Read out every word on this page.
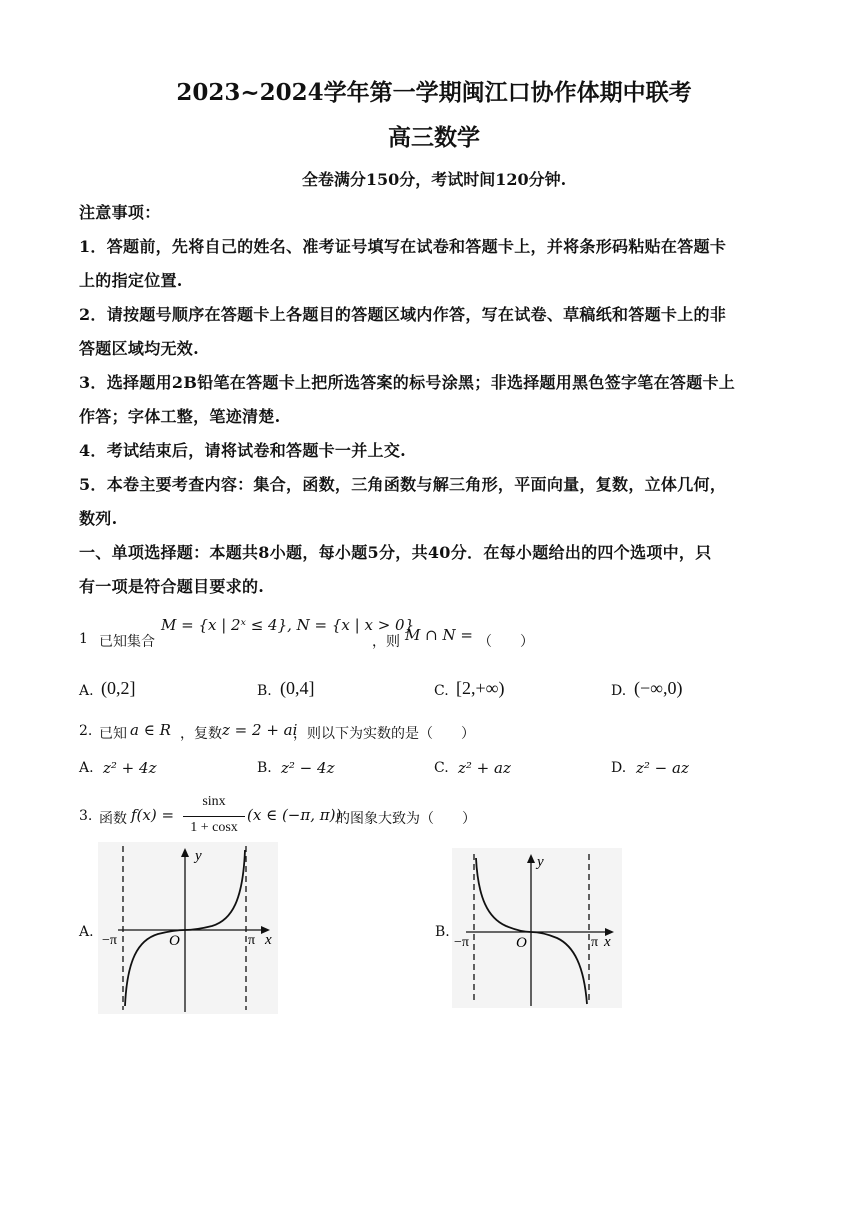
2023~2024学年第一学期闽江口协作体期中联考
高三数学
全卷满分150分，考试时间120分钟.
注意事项：
1．答题前，先将自己的姓名、准考证号填写在试卷和答题卡上，并将条形码粘贴在答题卡
上的指定位置.
2．请按题号顺序在答题卡上各题目的答题区域内作答，写在试卷、草稿纸和答题卡上的非
答题区域均无效.
3．选择题用2B铅笔在答题卡上把所选答案的标号涂黑；非选择题用黑色签字笔在答题卡上
作答；字体工整，笔迹清楚.
4．考试结束后，请将试卷和答题卡一并上交.
5．本卷主要考查内容：集合，函数，三角函数与解三角形，平面向量，复数，立体几何，
数列.
一、单项选择题：本题共8小题，每小题5分，共40分．在每小题给出的四个选项中，只
有一项是符合题目要求的.
1 已知集合
M = {x | 2ˣ ≤ 4}, N = {x | x > 0}
，则 M ∩ N = （　　）
A. (0,2]	B. (0,4]	C. [2,+∞)	D. (−∞,0)
2. 已知 a ∈ R ，复数 z = 2 + ai
，则以下为实数的是（　　）
A. z² + 4z	B. z² − 4z	C. z² + az	D. z² − az
3. 函数 f(x) =
sinx
1 + cosx
(x ∈ (−π, π))
的图象大致为（　　）
A.
y
x
O
−π	π
B.
y
x
O
−π	π
